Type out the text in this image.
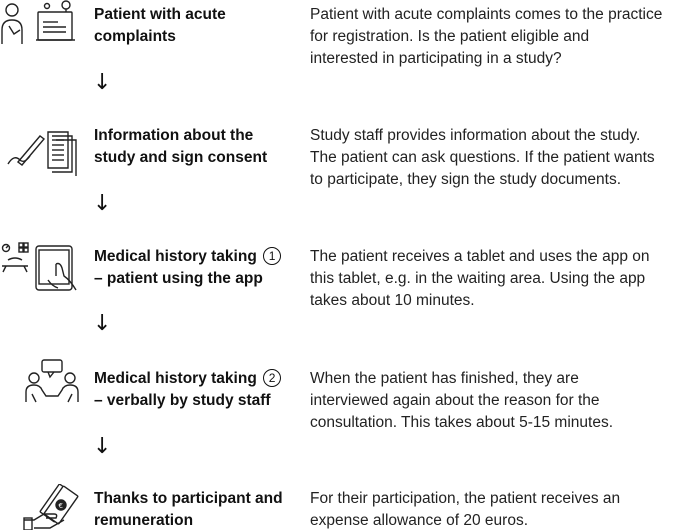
Patient with acute
complaints
Patient with acute complaints comes to the practice
for registration. Is the patient eligible and
interested in participating in a study?
↓
Information about the
study and sign consent
Study staff provides information about the study.
The patient can ask questions. If the patient wants
to participate, they sign the study documents.
↓
Medical history taking 1
– patient using the app
The patient receives a tablet and uses the app on
this tablet, e.g. in the waiting area. Using the app
takes about 10 minutes.
↓
Medical history taking 2
– verbally by study staff
When the patient has finished, they are
interviewed again about the reason for the
consultation. This takes about 5-15 minutes.
↓
€ Thanks to participant and
remuneration
For their participation, the patient receives an
expense allowance of 20 euros.
